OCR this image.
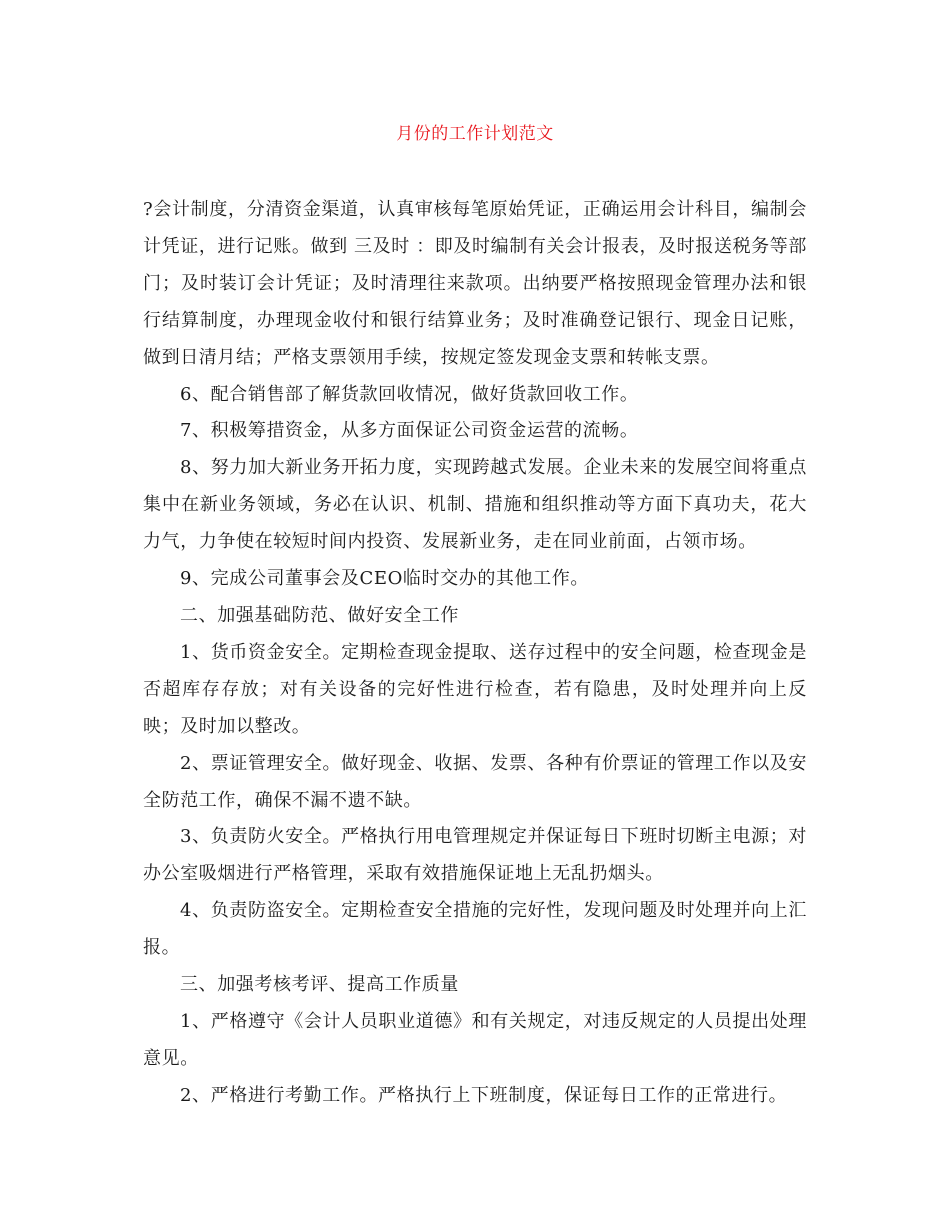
月份的工作计划范文

?会计制度，分清资金渠道，认真审核每笔原始凭证，正确运用会计科目，编制会计凭证，进行记账。做到 三及时 ：即及时编制有关会计报表，及时报送税务等部门；及时装订会计凭证；及时清理往来款项。出纳要严格按照现金管理办法和银行结算制度，办理现金收付和银行结算业务；及时准确登记银行、现金日记账，做到日清月结；严格支票领用手续，按规定签发现金支票和转帐支票。

6、配合销售部了解货款回收情况，做好货款回收工作。

7、积极筹措资金，从多方面保证公司资金运营的流畅。

8、努力加大新业务开拓力度，实现跨越式发展。企业未来的发展空间将重点集中在新业务领域，务必在认识、机制、措施和组织推动等方面下真功夫，花大力气，力争使在较短时间内投资、发展新业务，走在同业前面，占领市场。

9、完成公司董事会及CEO临时交办的其他工作。

二、加强基础防范、做好安全工作

1、货币资金安全。定期检查现金提取、送存过程中的安全问题，检查现金是否超库存存放；对有关设备的完好性进行检查，若有隐患，及时处理并向上反映；及时加以整改。

2、票证管理安全。做好现金、收据、发票、各种有价票证的管理工作以及安全防范工作，确保不漏不遗不缺。

3、负责防火安全。严格执行用电管理规定并保证每日下班时切断主电源；对办公室吸烟进行严格管理，采取有效措施保证地上无乱扔烟头。

4、负责防盗安全。定期检查安全措施的完好性，发现问题及时处理并向上汇报。

三、加强考核考评、提高工作质量

1、严格遵守《会计人员职业道德》和有关规定，对违反规定的人员提出处理意见。

2、严格进行考勤工作。严格执行上下班制度，保证每日工作的正常进行。
